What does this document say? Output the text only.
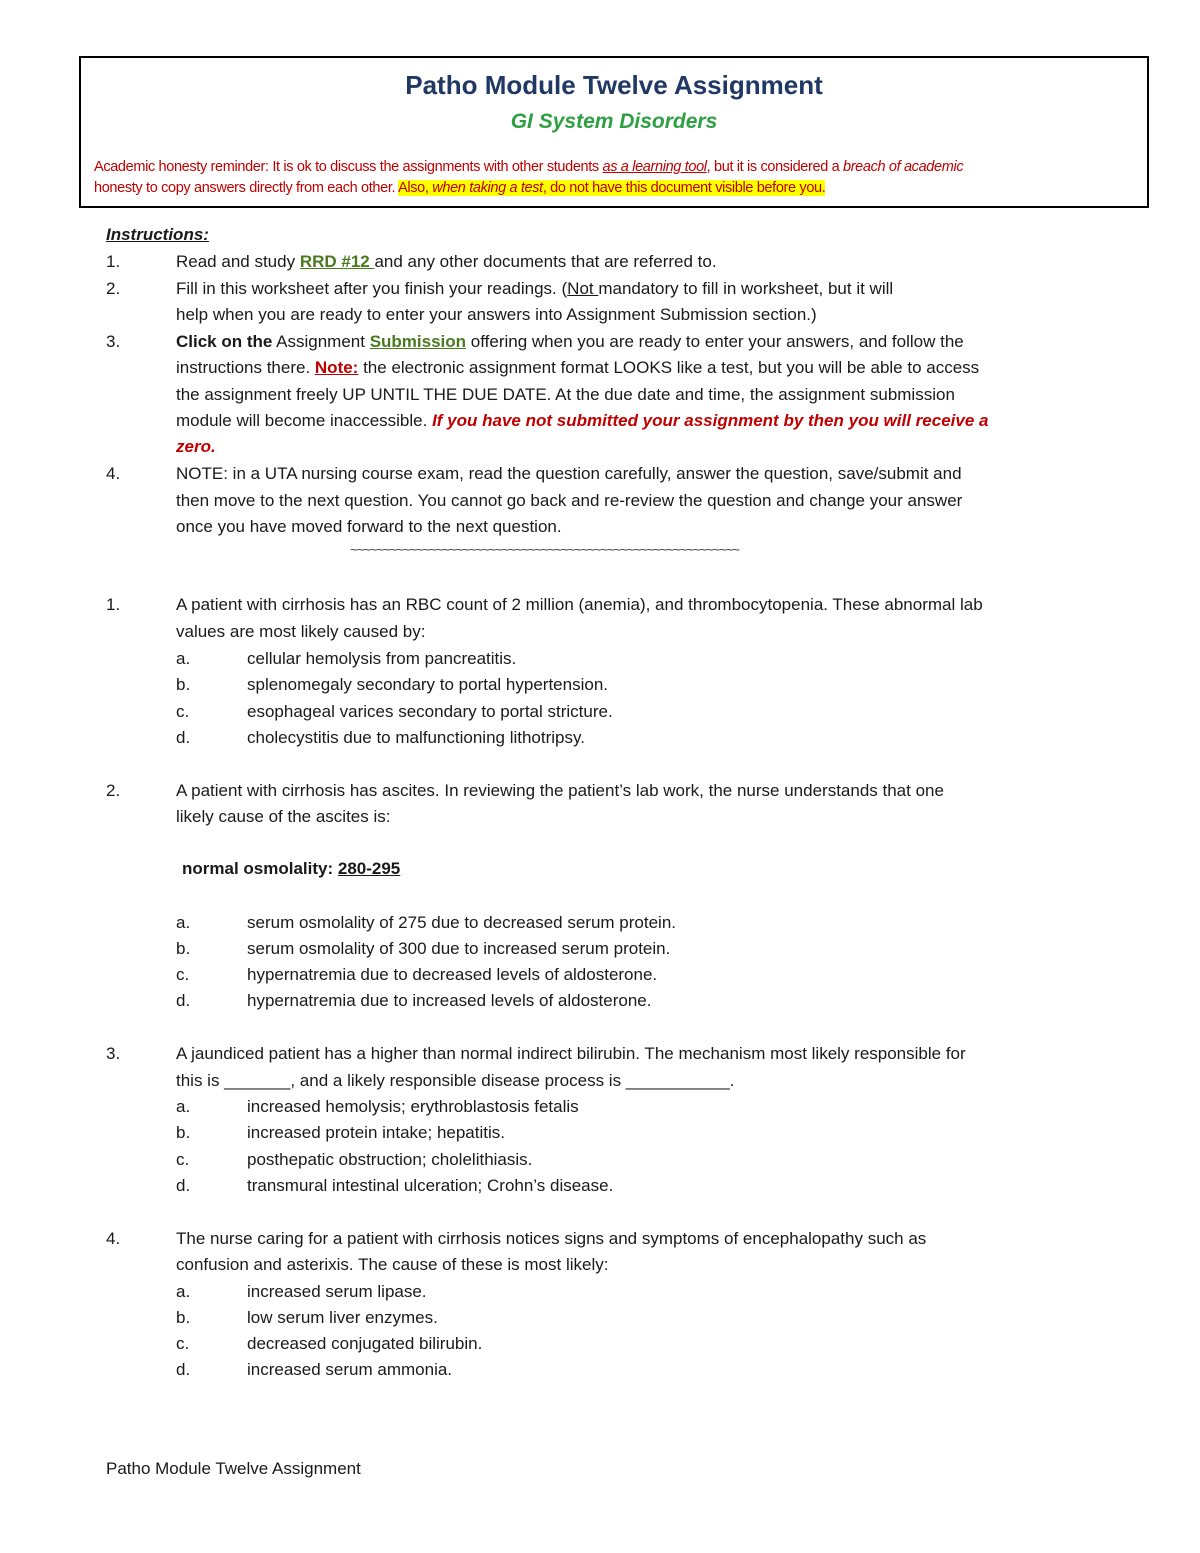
Patho Module Twelve Assignment
GI System Disorders
Academic honesty reminder: It is ok to discuss the assignments with other students as a learning tool, but it is considered a breach of academic
honesty to copy answers directly from each other. Also, when taking a test, do not have this document visible before you.
Instructions:
1.	Read and study RRD #12 and any other documents that are referred to.
2.	Fill in this worksheet after you finish your readings. (Not mandatory to fill in worksheet, but it will
help when you are ready to enter your answers into Assignment Submission section.)
3.	Click on the Assignment Submission offering when you are ready to enter your answers, and follow the
instructions there. Note: the electronic assignment format LOOKS like a test, but you will be able to access
the assignment freely UP UNTIL THE DUE DATE. At the due date and time, the assignment submission
module will become inaccessible. If you have not submitted your assignment by then you will receive a
zero.
4.	NOTE: in a UTA nursing course exam, read the question carefully, answer the question, save/submit and
then move to the next question. You cannot go back and re-review the question and change your answer
once you have moved forward to the next question.
~~~~~~~~~~~~~~~~~~~~~~~~~~~~~~~~~~~~~~~~~~~~~~~~~~~~~~~~~~~
1.	A patient with cirrhosis has an RBC count of 2 million (anemia), and thrombocytopenia. These abnormal lab
values are most likely caused by:
a.	cellular hemolysis from pancreatitis.
b.	splenomegaly secondary to portal hypertension.
c.	esophageal varices secondary to portal stricture.
d.	cholecystitis due to malfunctioning lithotripsy.
2.	A patient with cirrhosis has ascites. In reviewing the patient’s lab work, the nurse understands that one
likely cause of the ascites is:
normal osmolality: 280-295
a.	serum osmolality of 275 due to decreased serum protein.
b.	serum osmolality of 300 due to increased serum protein.
c.	hypernatremia due to decreased levels of aldosterone.
d.	hypernatremia due to increased levels of aldosterone.
3.	A jaundiced patient has a higher than normal indirect bilirubin. The mechanism most likely responsible for
this is _______, and a likely responsible disease process is ___________.
a.	increased hemolysis; erythroblastosis fetalis
b.	increased protein intake; hepatitis.
c.	posthepatic obstruction; cholelithiasis.
d.	transmural intestinal ulceration; Crohn’s disease.
4.	The nurse caring for a patient with cirrhosis notices signs and symptoms of encephalopathy such as
confusion and asterixis. The cause of these is most likely:
a.	increased serum lipase.
b.	low serum liver enzymes.
c.	decreased conjugated bilirubin.
d.	increased serum ammonia.
Patho Module Twelve Assignment
